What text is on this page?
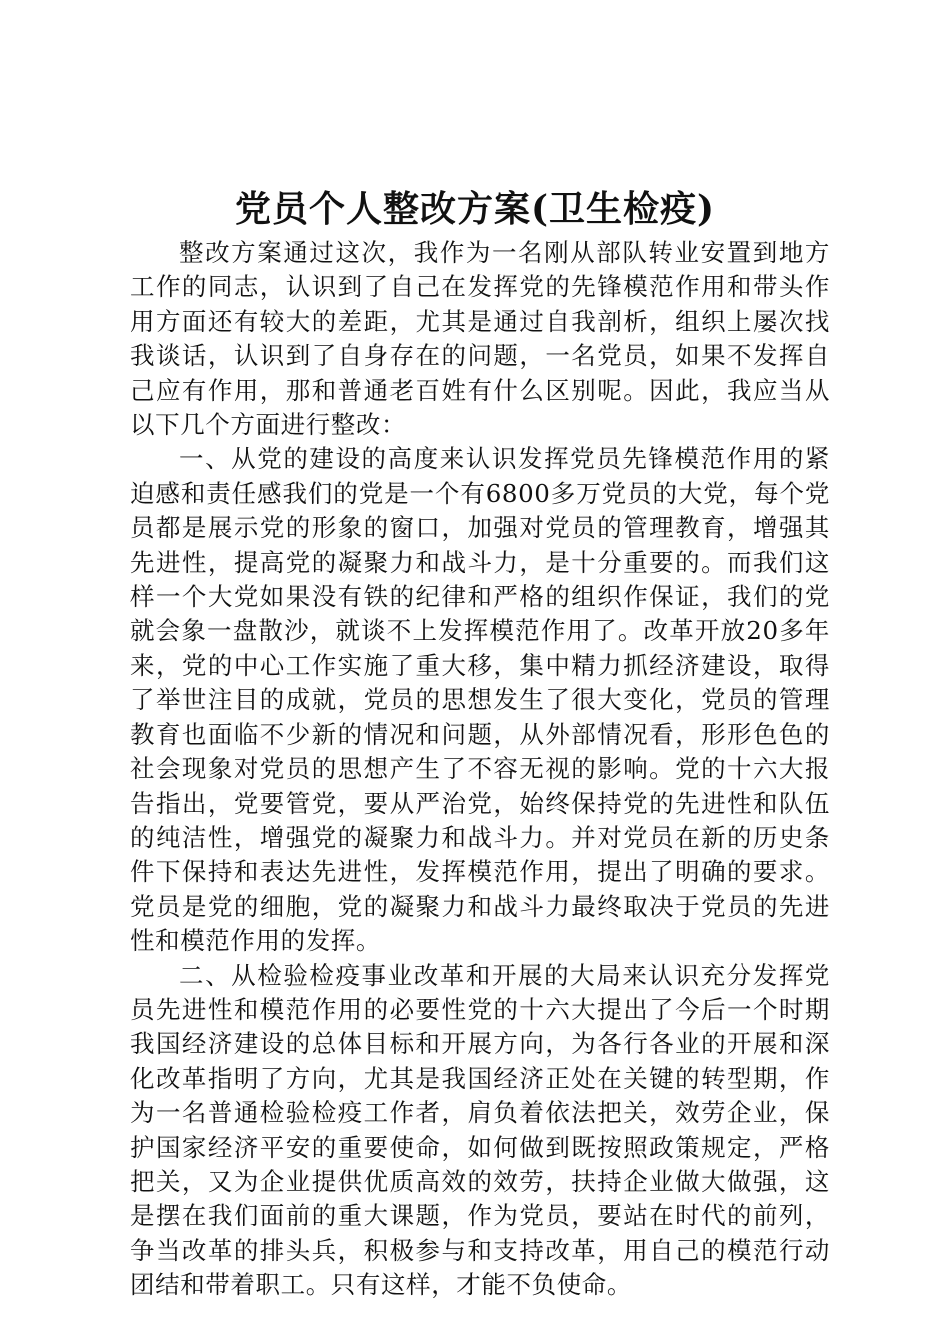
党员个人整改方案(卫生检疫)

整改方案通过这次，我作为一名刚从部队转业安置到地方工作的同志，认识到了自己在发挥党的先锋模范作用和带头作用方面还有较大的差距，尤其是通过自我剖析，组织上屡次找我谈话，认识到了自身存在的问题，一名党员，如果不发挥自己应有作用，那和普通老百姓有什么区别呢。因此，我应当从以下几个方面进行整改：

一、从党的建设的高度来认识发挥党员先锋模范作用的紧迫感和责任感我们的党是一个有6800多万党员的大党，每个党员都是展示党的形象的窗口，加强对党员的管理教育，增强其先进性，提高党的凝聚力和战斗力，是十分重要的。而我们这样一个大党如果没有铁的纪律和严格的组织作保证，我们的党就会象一盘散沙，就谈不上发挥模范作用了。改革开放20多年来，党的中心工作实施了重大移，集中精力抓经济建设，取得了举世注目的成就，党员的思想发生了很大变化，党员的管理教育也面临不少新的情况和问题，从外部情况看，形形色色的社会现象对党员的思想产生了不容无视的影响。党的十六大报告指出，党要管党，要从严治党，始终保持党的先进性和队伍的纯洁性，增强党的凝聚力和战斗力。并对党员在新的历史条件下保持和表达先进性，发挥模范作用，提出了明确的要求。党员是党的细胞，党的凝聚力和战斗力最终取决于党员的先进性和模范作用的发挥。

二、从检验检疫事业改革和开展的大局来认识充分发挥党员先进性和模范作用的必要性党的十六大提出了今后一个时期我国经济建设的总体目标和开展方向，为各行各业的开展和深化改革指明了方向，尤其是我国经济正处在关键的转型期，作为一名普通检验检疫工作者，肩负着依法把关，效劳企业，保护国家经济平安的重要使命，如何做到既按照政策规定，严格把关，又为企业提供优质高效的效劳，扶持企业做大做强，这是摆在我们面前的重大课题，作为党员，要站在时代的前列，争当改革的排头兵，积极参与和支持改革，用自己的模范行动团结和带着职工。只有这样，才能不负使命。
